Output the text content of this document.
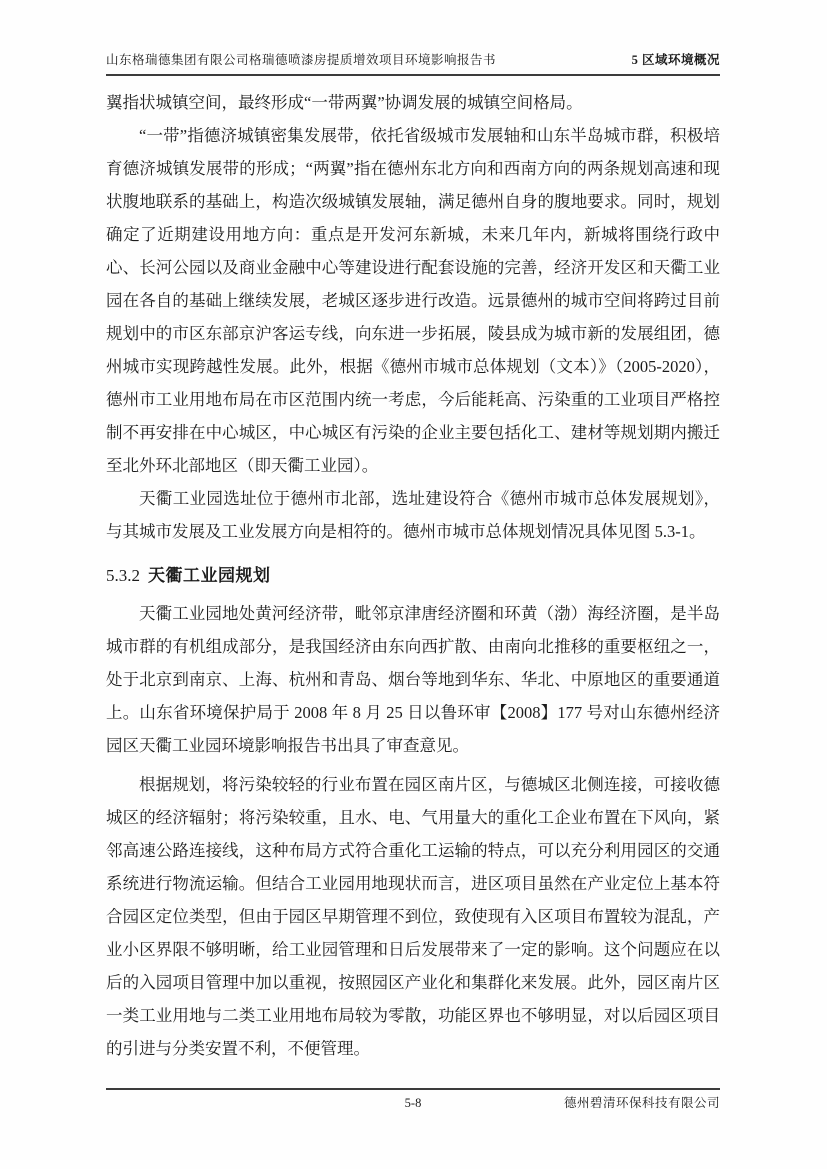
山东格瑞德集团有限公司格瑞德喷漆房提质增效项目环境影响报告书	5 区域环境概况

翼指状城镇空间，最终形成“一带两翼”协调发展的城镇空间格局。

“一带”指德济城镇密集发展带，依托省级城市发展轴和山东半岛城市群，积极培育德济城镇发展带的形成；“两翼”指在德州东北方向和西南方向的两条规划高速和现状腹地联系的基础上，构造次级城镇发展轴，满足德州自身的腹地要求。同时，规划确定了近期建设用地方向：重点是开发河东新城，未来几年内，新城将围绕行政中心、长河公园以及商业金融中心等建设进行配套设施的完善，经济开发区和天衢工业园在各自的基础上继续发展，老城区逐步进行改造。远景德州的城市空间将跨过目前规划中的市区东部京沪客运专线，向东进一步拓展，陵县成为城市新的发展组团，德州城市实现跨越性发展。此外，根据《德州市城市总体规划（文本）》（2005-2020），德州市工业用地布局在市区范围内统一考虑，今后能耗高、污染重的工业项目严格控制不再安排在中心城区，中心城区有污染的企业主要包括化工、建材等规划期内搬迁至北外环北部地区（即天衢工业园）。

天衢工业园选址位于德州市北部，选址建设符合《德州市城市总体发展规划》，与其城市发展及工业发展方向是相符的。德州市城市总体规划情况具体见图 5.3-1。

5.3.2 天衢工业园规划

天衢工业园地处黄河经济带，毗邻京津唐经济圈和环黄（渤）海经济圈，是半岛城市群的有机组成部分，是我国经济由东向西扩散、由南向北推移的重要枢纽之一，处于北京到南京、上海、杭州和青岛、烟台等地到华东、华北、中原地区的重要通道上。山东省环境保护局于 2008 年 8 月 25 日以鲁环审【2008】177 号对山东德州经济园区天衢工业园环境影响报告书出具了审查意见。

根据规划，将污染较轻的行业布置在园区南片区，与德城区北侧连接，可接收德城区的经济辐射；将污染较重，且水、电、气用量大的重化工企业布置在下风向，紧邻高速公路连接线，这种布局方式符合重化工运输的特点，可以充分利用园区的交通系统进行物流运输。但结合工业园用地现状而言，进区项目虽然在产业定位上基本符合园区定位类型，但由于园区早期管理不到位，致使现有入区项目布置较为混乱，产业小区界限不够明晰，给工业园管理和日后发展带来了一定的影响。这个问题应在以后的入园项目管理中加以重视，按照园区产业化和集群化来发展。此外，园区南片区一类工业用地与二类工业用地布局较为零散，功能区界也不够明显，对以后园区项目的引进与分类安置不利，不便管理。

5-8	德州碧清环保科技有限公司
